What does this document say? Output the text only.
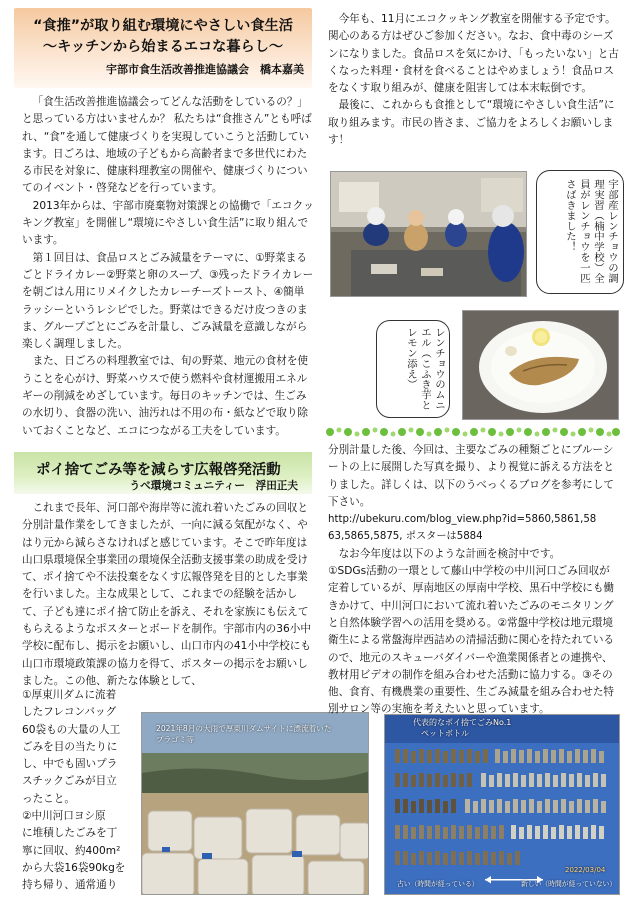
“食推”が取り組む環境にやさしい食生活
～キッチンから始まるエコな暮らし～
宇部市食生活改善推進協議会　橋本嘉美

「食生活改善推進協議会ってどんな活動をしているの？」と思っている方はいませんか？ 私たちは“食推さん”とも呼ばれ、“食”を通して健康づくりを実現していこうと活動しています。日ごろは、地域の子どもから高齢者まで多世代にわたる市民を対象に、健康料理教室の開催や、健康づくりについてのイベント・啓発などを行っています。

2013年からは、宇部市廃棄物対策課との協働で「エコクッキング教室」を開催し“環境にやさしい食生活”に取り組んでいます。

第１回目は、食品ロスとごみ減量をテーマに、①野菜まるごとドライカレー②野菜と卵のスープ、③残ったドライカレーを朝ごはん用にリメイクしたカレーチーズトースト、④簡単ラッシーというレシピでした。野菜はできるだけ皮つきのまま、グループごとにごみを計量し、ごみ減量を意識しながら楽しく調理しました。

また、日ごろの料理教室では、旬の野菜、地元の食材を使うことを心がけ、野菜ハウスで使う燃料や食材運搬用エネルギーの削減をめざしています。毎日のキッチンでは、生ごみの水切り、食器の洗い、油汚れは不用の布・紙などで取り除いておくことなど、エコにつながる工夫をしています。

今年も、11月にエコクッキング教室を開催する予定です。関心のある方はぜひご参加ください。なお、食中毒のシーズンになりました。食品ロスを気にかけ、「もったいない」と古くなった料理・食材を食べることはやめましょう！食品ロスをなくす取り組みが、健康を阻害しては本末転倒です。

最後に、これからも食推として“環境にやさしい食生活”に取り組みます。市民の皆さま、ご協力をよろしくお願いします！

宇部産レンチョウの調理実習（楠中学校）全員がレンチョウを一匹さばきました！
レンチョウのムニエル（こふき芋とレモン添え）
ポイ捨てごみ等を減らす広報啓発活動
うべ環境コミュニティー　浮田正夫

これまで長年、河口部や海岸等に流れ着いたごみの回収と分別計量作業をしてきましたが、一向に減る気配がなく、やはり元から減らさなければと感じています。そこで昨年度は山口県環境保全事業団の環境保全活動支援事業の助成を受けて、ポイ捨てや不法投棄をなくす広報啓発を目的とした事業を行いました。主な成果として、これまでの経験を活かして、子ども達にポイ捨て防止を訴え、それを家族にも伝えてもらえるようなポスターとボードを制作。宇部市内の36小中学校に配布し、掲示をお願いし、山口市内の41小中学校にも山口市環境政策課の協力を得て、ポスターの掲示をお願いしました。この他、新たな体験として、

①厚東川ダムに流着
したフレコンバッグ
60袋もの大量の人工
ごみを目の当たりに
し、中でも固いプラ
スチックごみが目立
ったこと。
②中川河口ヨシ原
に堆積したごみを丁
寧に回収、約400m²
から大袋16袋90kgを
持ち帰り、通常通り
2021年8月の大雨で厚東川ダムサイトに漂流着いたプラゴミ等
分別計量した後、今回は、主要なごみの種類ごとにブルーシートの上に展開した写真を撮り、より視覚に訴える方法をとりました。詳しくは、以下のうべっくるブログを参考にして下さい。
http://ubekuru.com/blog_view.php?id=5860,5861,58
63,5865,5875, ポスターは5884
なお今年度は以下のような計画を検討中です。
①SDGs活動の一環として藤山中学校の中川河口ごみ回収が定着しているが、厚南地区の厚南中学校、黒石中学校にも働きかけて、中川河口において流れ着いたごみのモニタリングと自然体験学習への活用を奨める。②常盤中学校は地元環境衛生による常盤海岸西詰めの清掃活動に関心を持たれているので、地元のスキューバダイバーや漁業関係者との連携や、教材用ビデオの制作を組み合わせた活動に協力する。③その他、食育、有機農業の重要性、生ごみ減量を組み合わせた特別サロン等の実施を考えたいと思っています。
代表的なポイ捨てごみNo.1
ペットボトル
古い（時間が経っている）	新しい（時間が経っていない）
2022/03/04
